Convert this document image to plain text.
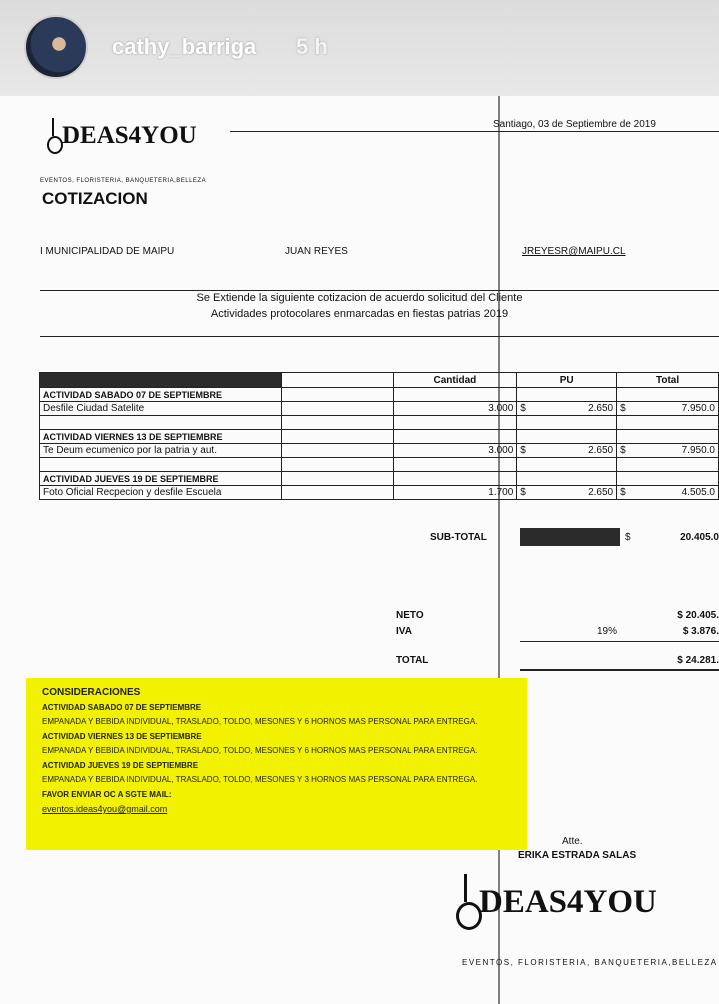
cathy_barriga 5 h
DEAS4YOU
EVENTOS, FLORISTERIA, BANQUETERIA,BELLEZA
COTIZACION
Santiago, 03 de Septiembre de 2019
I MUNICIPALIDAD DE MAIPU	JUAN REYES	JREYESR@MAIPU.CL
Se Extiende la siguiente cotizacion de acuerdo solicitud del Cliente
Actividades protocolares enmarcadas en fiestas patrias 2019
		Cantidad	PU	Total
ACTIVIDAD SABADO 07 DE SEPTIEMBRE				
Desfile Ciudad Satelite		3.000	$ 2.650	$ 7.950.0

ACTIVIDAD VIERNES 13 DE SEPTIEMBRE				
Te Deum ecumenico por la patria y aut.		3.000	$ 2.650	$ 7.950.0

ACTIVIDAD JUEVES 19 DE SEPTIEMBRE				
Foto Oficial Recpecion y desfile Escuela		1.700	$ 2.650	$ 4.505.0
SUB-TOTAL	$	20.405.0
NETO	$ 20.405.
IVA	19%	$ 3.876.
TOTAL	$ 24.281.
CONSIDERACIONES
ACTIVIDAD SABADO 07 DE SEPTIEMBRE
EMPANADA Y BEBIDA INDIVIDUAL, TRASLADO, TOLDO, MESONES Y 6 HORNOS MAS PERSONAL PARA ENTREGA.
ACTIVIDAD VIERNES 13 DE SEPTIEMBRE
EMPANADA Y BEBIDA INDIVIDUAL, TRASLADO, TOLDO, MESONES Y 6 HORNOS MAS PERSONAL PARA ENTREGA.
ACTIVIDAD JUEVES 19 DE SEPTIEMBRE
EMPANADA Y BEBIDA INDIVIDUAL, TRASLADO, TOLDO, MESONES Y 3 HORNOS MAS PERSONAL PARA ENTREGA.
FAVOR ENVIAR OC A SGTE MAIL:
eventos.ideas4you@gmail.com
Atte.
ERIKA ESTRADA SALAS
DEAS4YOU
EVENTOS, FLORISTERIA, BANQUETERIA,BELLEZA
